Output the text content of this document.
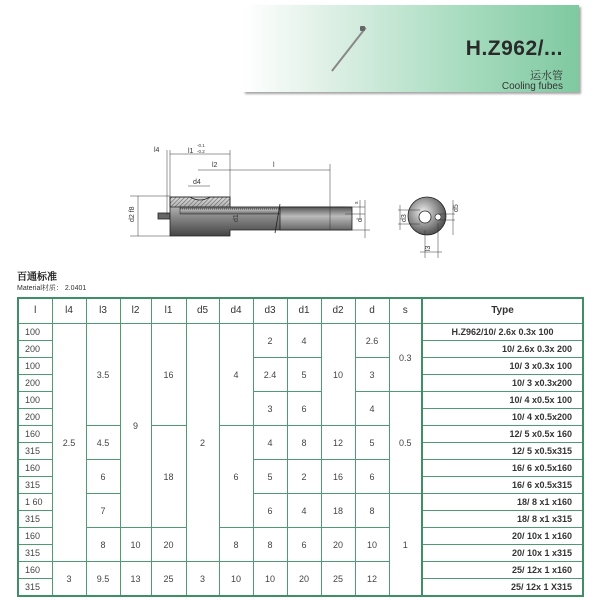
H.Z962/...
运水管
Cooling fubes
l4	l1
-0.1
-0.2
l2	l
d4
d2 f8	d1
s
d	d3
d5
l3
百通标准
Material材质： 2.0401
l	l4	l3	l2	l1	d5	d4	d3	d1	d2	d	s	Type
100	2.5	3.5	9	16	2	4	2	4	10	2.6	0.3	H.Z962/10/ 2.6x 0.3x 100
200												10/ 2.6x 0.3x 200
100							2.4	5		3		10/ 3 x0.3x 100
200												10/ 3 x0.3x200
100							3	6		4	0.5	10/ 4 x0.5x 100
200												10/ 4 x0.5x200
160		4.5		18		6	4	8	12	5		12/ 5 x0.5x 160
315												12/ 5 x0.5x315
160		6					5	2	16	6		16/ 6 x0.5x160
315												16/ 6 x0.5x315
1 60		7					6	4	18	8	1	18/ 8 x1 x160
315												18/ 8 x1 x315
160		8	10	20		8	8	6	20	10		20/ 10x 1 x160
315												20/ 10x 1 x315
160	3	9.5	13	25	3	10	10	20	25	12		25/ 12x 1 x160
315												25/ 12x 1 X315
